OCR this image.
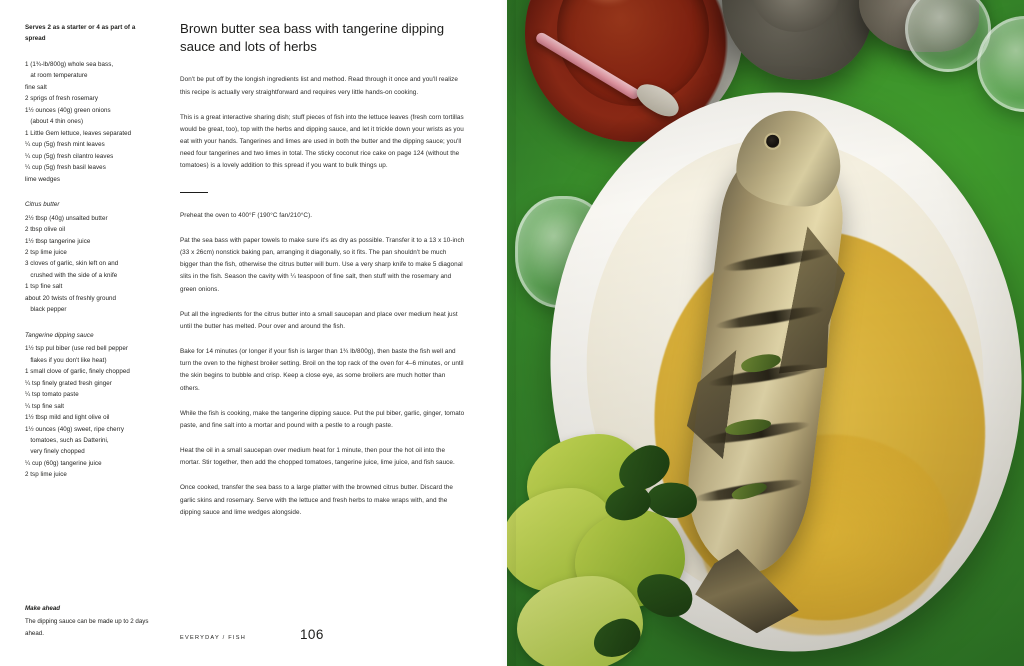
Serves 2 as a starter or 4 as part of a spread
1 (1¾-lb/800g) whole sea bass,
at room temperature
fine salt
2 sprigs of fresh rosemary
1½ ounces (40g) green onions
(about 4 thin ones)
1 Little Gem lettuce, leaves separated
¼ cup (5g) fresh mint leaves
¼ cup (5g) fresh cilantro leaves
¼ cup (5g) fresh basil leaves
lime wedges
Citrus butter
2½ tbsp (40g) unsalted butter
2 tbsp olive oil
1½ tbsp tangerine juice
2 tsp lime juice
3 cloves of garlic, skin left on and
crushed with the side of a knife
1 tsp fine salt
about 20 twists of freshly ground
black pepper
Tangerine dipping sauce
1½ tsp pul biber (use red bell pepper
flakes if you don't like heat)
1 small clove of garlic, finely chopped
¼ tsp finely grated fresh ginger
¼ tsp tomato paste
¼ tsp fine salt
1½ tbsp mild and light olive oil
1½ ounces (40g) sweet, ripe cherry
tomatoes, such as Datterini,
very finely chopped
¼ cup (60g) tangerine juice
2 tsp lime juice
Make ahead
The dipping sauce can be made up to 2 days ahead.
Brown butter sea bass with tangerine dipping sauce and lots of herbs

Don't be put off by the longish ingredients list and method. Read through it once and you'll realize this recipe is actually very straightforward and requires very little hands-on cooking.

This is a great interactive sharing dish; stuff pieces of fish into the lettuce leaves (fresh corn tortillas would be great, too), top with the herbs and dipping sauce, and let it trickle down your wrists as you eat with your hands. Tangerines and limes are used in both the butter and the dipping sauce; you'll need four tangerines and two limes in total. The sticky coconut rice cake on page 124 (without the tomatoes) is a lovely addition to this spread if you want to bulk things up.

Preheat the oven to 400°F (190°C fan/210°C).

Pat the sea bass with paper towels to make sure it's as dry as possible. Transfer it to a 13 x 10-inch (33 x 26cm) nonstick baking pan, arranging it diagonally, so it fits. The pan shouldn't be much bigger than the fish, otherwise the citrus butter will burn. Use a very sharp knife to make 5 diagonal slits in the fish. Season the cavity with ¼ teaspoon of fine salt, then stuff with the rosemary and green onions.

Put all the ingredients for the citrus butter into a small saucepan and place over medium heat just until the butter has melted. Pour over and around the fish.

Bake for 14 minutes (or longer if your fish is larger than 1¾ lb/800g), then baste the fish well and turn the oven to the highest broiler setting. Broil on the top rack of the oven for 4–6 minutes, or until the skin begins to bubble and crisp. Keep a close eye, as some broilers are much hotter than others.

While the fish is cooking, make the tangerine dipping sauce. Put the pul biber, garlic, ginger, tomato paste, and fine salt into a mortar and pound with a pestle to a rough paste.

Heat the oil in a small saucepan over medium heat for 1 minute, then pour the hot oil into the mortar. Stir together, then add the chopped tomatoes, tangerine juice, lime juice, and fish sauce.

Once cooked, transfer the sea bass to a large platter with the browned citrus butter. Discard the garlic skins and rosemary. Serve with the lettuce and fresh herbs to make wraps with, and the dipping sauce and lime wedges alongside.

EVERYDAY / FISH	106
